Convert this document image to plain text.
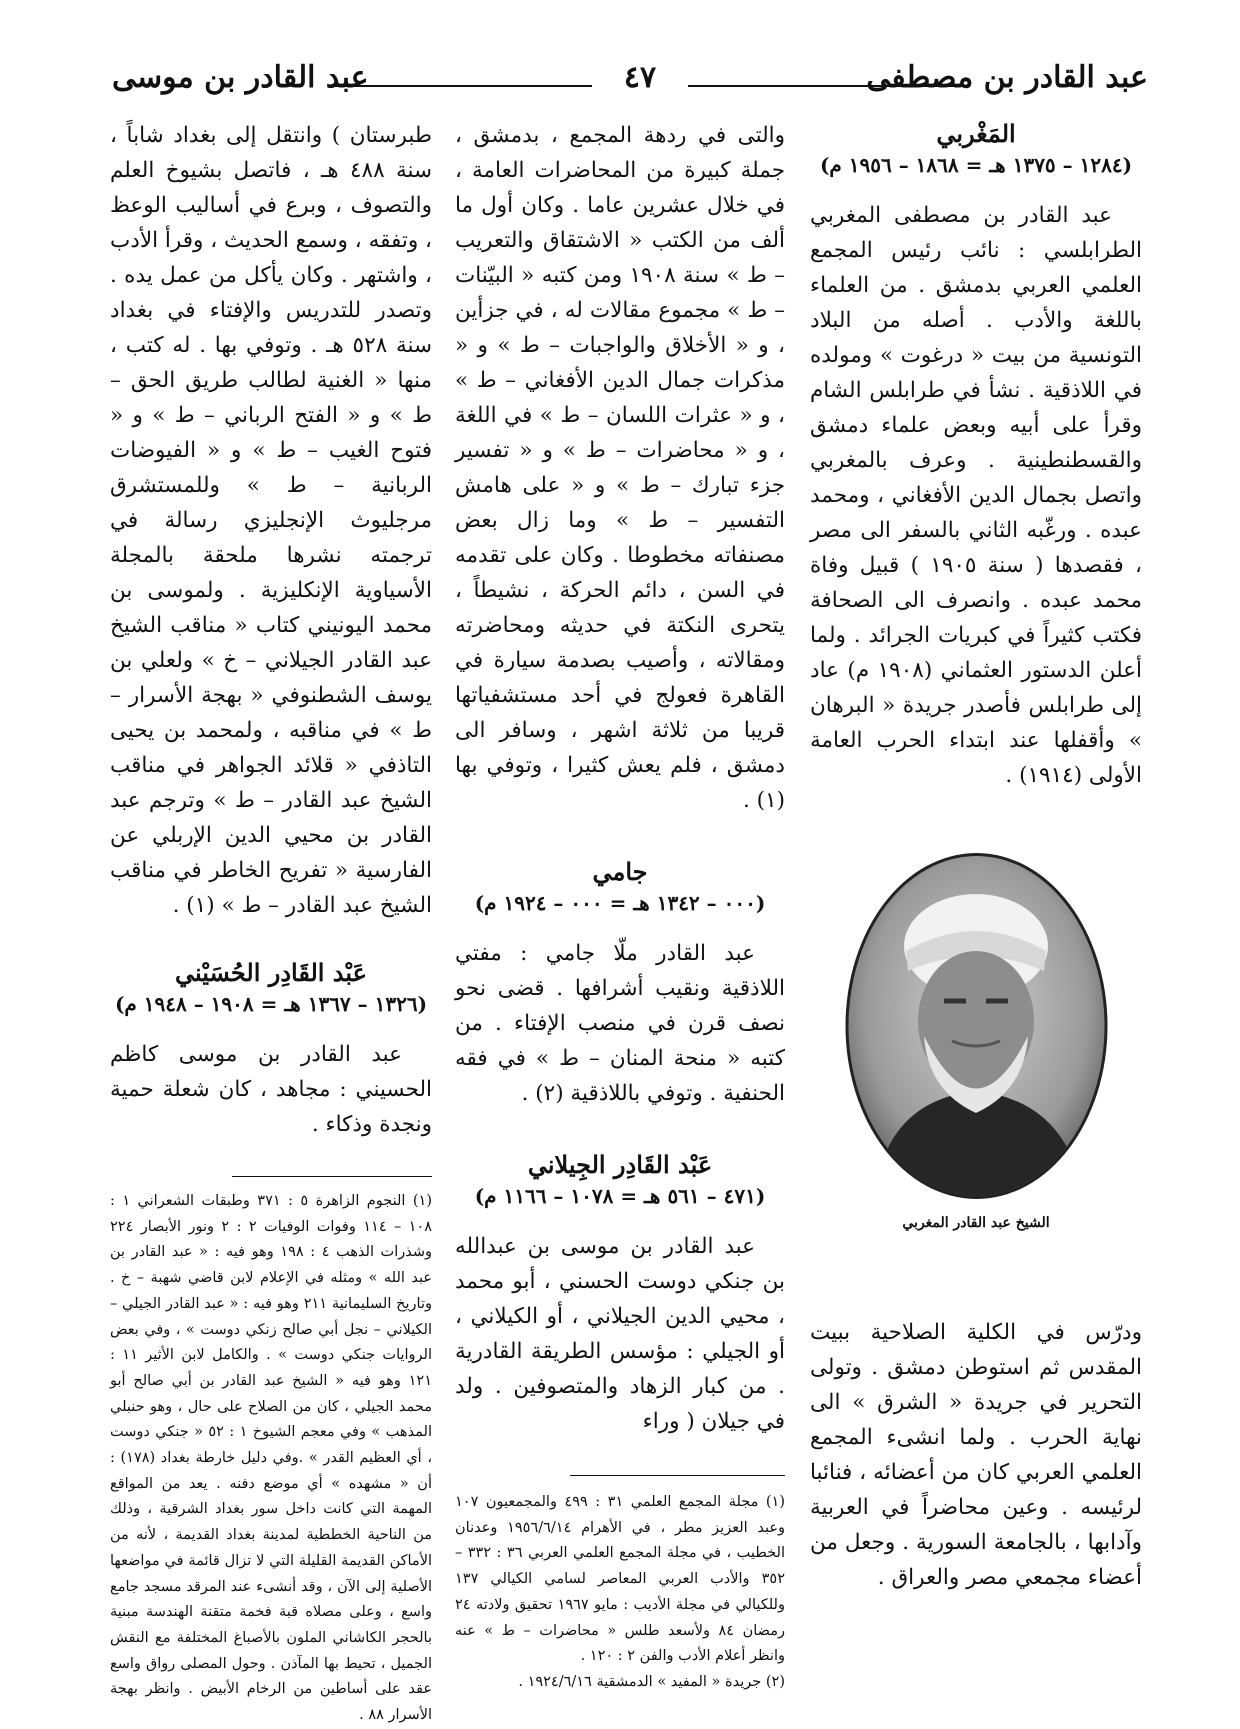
عبد القادر بن مصطفى
٤٧
عبد القادر بن موسى

المَغْربي

(١٢٨٤ – ١٣٧٥ هـ = ١٨٦٨ – ١٩٥٦ م)

عبد القادر بن مصطفى المغربي الطرابلسي : نائب رئيس المجمع العلمي العربي بدمشق . من العلماء باللغة والأدب . أصله من البلاد التونسية من بيت « درغوت » ومولده في اللاذقية . نشأ في طرابلس الشام وقرأ على أبيه وبعض علماء دمشق والقسطنطينية . وعرف بالمغربي واتصل بجمال الدين الأفغاني ، ومحمد عبده . ورغّبه الثاني بالسفر الى مصر ، فقصدها ( سنة ١٩٠٥ ) قبيل وفاة محمد عبده . وانصرف الى الصحافة فكتب كثيراً في كبريات الجرائد . ولما أعلن الدستور العثماني (١٩٠٨ م) عاد إلى طرابلس فأصدر جريدة « البرهان » وأقفلها عند ابتداء الحرب العامة الأولى (١٩١٤) .

الشيخ عبد القادر المغربي

ودرّس في الكلية الصلاحية ببيت المقدس ثم استوطن دمشق . وتولى التحرير في جريدة « الشرق » الى نهاية الحرب . ولما انشىء المجمع العلمي العربي كان من أعضائه ، فنائبا لرئيسه . وعين محاضراً في العربية وآدابها ، بالجامعة السورية . وجعل من أعضاء مجمعي مصر والعراق .

والتى في ردهة المجمع ، بدمشق ، جملة كبيرة من المحاضرات العامة ، في خلال عشرين عاما . وكان أول ما ألف من الكتب « الاشتقاق والتعريب – ط » سنة ١٩٠٨ ومن كتبه « البيّنات – ط » مجموع مقالات له ، في جزأين ، و « الأخلاق والواجبات – ط » و « مذكرات جمال الدين الأفغاني – ط » ، و « عثرات اللسان – ط » في اللغة ، و « محاضرات – ط » و « تفسير جزء تبارك – ط » و « على هامش التفسير – ط » وما زال بعض مصنفاته مخطوطا . وكان على تقدمه في السن ، دائم الحركة ، نشيطاً ، يتحرى النكتة في حديثه ومحاضرته ومقالاته ، وأصيب بصدمة سيارة في القاهرة فعولج في أحد مستشفياتها قريبا من ثلاثة اشهر ، وسافر الى دمشق ، فلم يعش كثيرا ، وتوفي بها (١) .

جامي

(٠٠٠ – ١٣٤٢ هـ = ٠٠٠ – ١٩٢٤ م)

عبد القادر ملّا جامي : مفتي اللاذقية ونقيب أشرافها . قضى نحو نصف قرن في منصب الإفتاء . من كتبه « منحة المنان – ط » في فقه الحنفية . وتوفي باللاذقية (٢) .

عَبْد القَادِر الجِيلاني

(٤٧١ – ٥٦١ هـ = ١٠٧٨ – ١١٦٦ م)

عبد القادر بن موسى بن عبدالله بن جنكي دوست الحسني ، أبو محمد ، محيي الدين الجيلاني ، أو الكيلاني ، أو الجيلي : مؤسس الطريقة القادرية . من كبار الزهاد والمتصوفين . ولد في جيلان ( وراء

(١) مجلة المجمع العلمي ٣١ : ٤٩٩ والمجمعيون ١٠٧ وعبد العزيز مطر ، في الأهرام ١٩٥٦/٦/١٤ وعدنان الخطيب ، في مجلة المجمع العلمي العربي ٣٦ : ٣٣٢ – ٣٥٢ والأدب العربي المعاصر لسامي الكيالي ١٣٧ وللكيالي في مجلة الأديب : مايو ١٩٦٧ تحقيق ولادته ٢٤ رمضان ٨٤ ولأسعد طلس « محاضرات – ط » عنه وانظر أعلام الأدب والفن ٢ : ١٢٠ .

(٢) جريدة « المفيد » الدمشقية ١٩٢٤/٦/١٦ .

طبرستان ) وانتقل إلى بغداد شاباً ، سنة ٤٨٨ هـ ، فاتصل بشيوخ العلم والتصوف ، وبرع في أساليب الوعظ ، وتفقه ، وسمع الحديث ، وقرأ الأدب ، واشتهر . وكان يأكل من عمل يده . وتصدر للتدريس والإفتاء في بغداد سنة ٥٢٨ هـ . وتوفي بها . له كتب ، منها « الغنية لطالب طريق الحق – ط » و « الفتح الرباني – ط » و « فتوح الغيب – ط » و « الفيوضات الربانية – ط » وللمستشرق مرجليوث الإنجليزي رسالة في ترجمته نشرها ملحقة بالمجلة الأسياوية الإنكليزية . ولموسى بن محمد اليونيني كتاب « مناقب الشيخ عبد القادر الجيلاني – خ » ولعلي بن يوسف الشطنوفي « بهجة الأسرار – ط » في مناقبه ، ولمحمد بن يحيى التاذفي « قلائد الجواهر في مناقب الشيخ عبد القادر – ط » وترجم عبد القادر بن محيي الدين الإربلي عن الفارسية « تفريح الخاطر في مناقب الشيخ عبد القادر – ط » (١) .

عَبْد القَادِر الحُسَيْني

(١٣٢٦ – ١٣٦٧ هـ = ١٩٠٨ – ١٩٤٨ م)

عبد القادر بن موسى كاظم الحسيني : مجاهد ، كان شعلة حمية ونجدة وذكاء .

(١) النجوم الزاهرة ٥ : ٣٧١ وطبقات الشعراني ١ : ١٠٨ – ١١٤ وفوات الوفيات ٢ : ٢ ونور الأبصار ٢٢٤ وشذرات الذهب ٤ : ١٩٨ وهو فيه : « عبد القادر بن عبد الله » ومثله في الإعلام لابن قاضي شهبة – خ . وتاريخ السليمانية ٢١١ وهو فيه : « عبد القادر الجيلي – الكيلاني – نجل أبي صالح زنكي دوست » ، وفي بعض الروايات جنكي دوست » . والكامل لابن الأثير ١١ : ١٢١ وهو فيه « الشيخ عبد القادر بن أبي صالح أبو محمد الجيلي ، كان من الصلاح على حال ، وهو حنبلي المذهب » وفي معجم الشيوخ ١ : ٥٢ « جنكي دوست ، أي العظيم القدر » .وفي دليل خارطة بغداد (١٧٨) : أن « مشهده » أي موضع دفنه . يعد من المواقع المهمة التي كانت داخل سور بغداد الشرقية ، وذلك من الناحية الخططية لمدينة بغداد القديمة ، لأنه من الأماكن القديمة القليلة التي لا تزال قائمة في مواضعها الأصلية إلى الآن ، وقد أنشىء عند المرقد مسجد جامع واسع ، وعلى مصلاه قبة فخمة متقنة الهندسة مبنية بالحجر الكاشاني الملون بالأصباغ المختلفة مع النقش الجميل ، تحيط بها المآذن . وحول المصلى رواق واسع عقد على أساطين من الرخام الأبيض . وانظر بهجة الأسرار ٨٨ .
